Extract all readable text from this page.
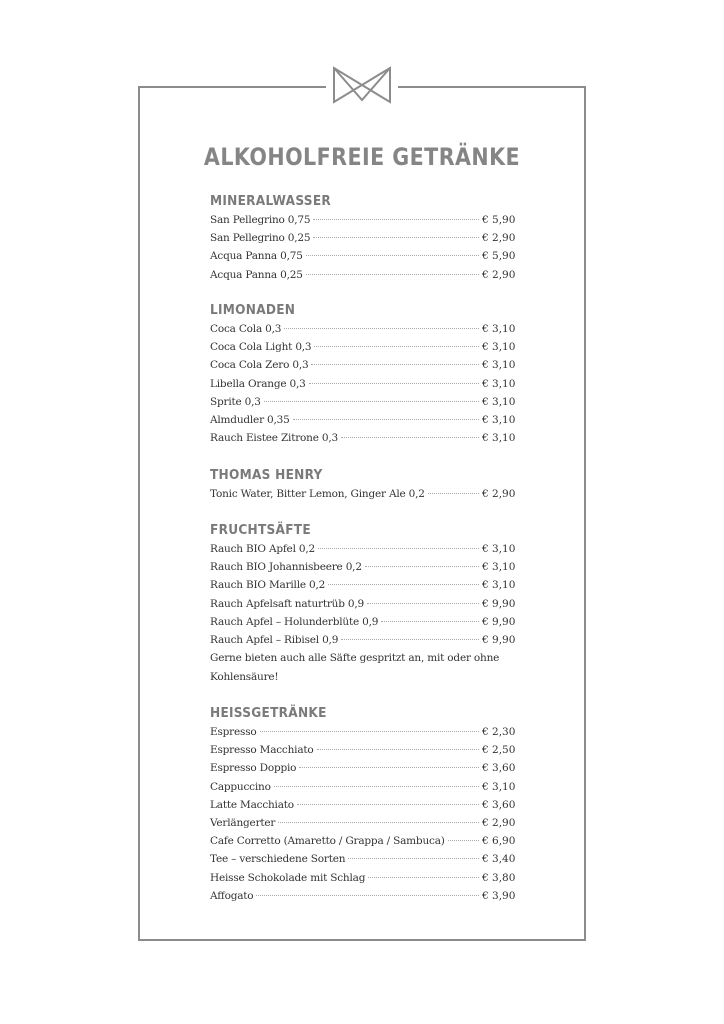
ALKOHOLFREIE GETRÄNKE
MINERALWASSER
San Pellegrino 0,75	€ 5,90
San Pellegrino 0,25	€ 2,90
Acqua Panna 0,75	€ 5,90
Acqua Panna 0,25	€ 2,90
LIMONADEN
Coca Cola 0,3	€ 3,10
Coca Cola Light 0,3	€ 3,10
Coca Cola Zero 0,3	€ 3,10
Libella Orange 0,3	€ 3,10
Sprite 0,3	€ 3,10
Almdudler 0,35	€ 3,10
Rauch Eistee Zitrone 0,3	€ 3,10
THOMAS HENRY
Tonic Water, Bitter Lemon, Ginger Ale 0,2	€ 2,90
FRUCHTSÄFTE
Rauch BIO Apfel 0,2	€ 3,10
Rauch BIO Johannisbeere 0,2	€ 3,10
Rauch BIO Marille 0,2	€ 3,10
Rauch Apfelsaft naturtrüb 0,9	€ 9,90
Rauch Apfel – Holunderblüte 0,9	€ 9,90
Rauch Apfel – Ribisel 0,9	€ 9,90
Gerne bieten auch alle Säfte gespritzt an, mit oder ohne
Kohlensäure!
HEISSGETRÄNKE
Espresso	€ 2,30
Espresso Macchiato	€ 2,50
Espresso Doppio	€ 3,60
Cappuccino	€ 3,10
Latte Macchiato	€ 3,60
Verlängerter	€ 2,90
Cafe Corretto (Amaretto / Grappa / Sambuca)	€ 6,90
Tee – verschiedene Sorten	€ 3,40
Heisse Schokolade mit Schlag	€ 3,80
Affogato	€ 3,90
